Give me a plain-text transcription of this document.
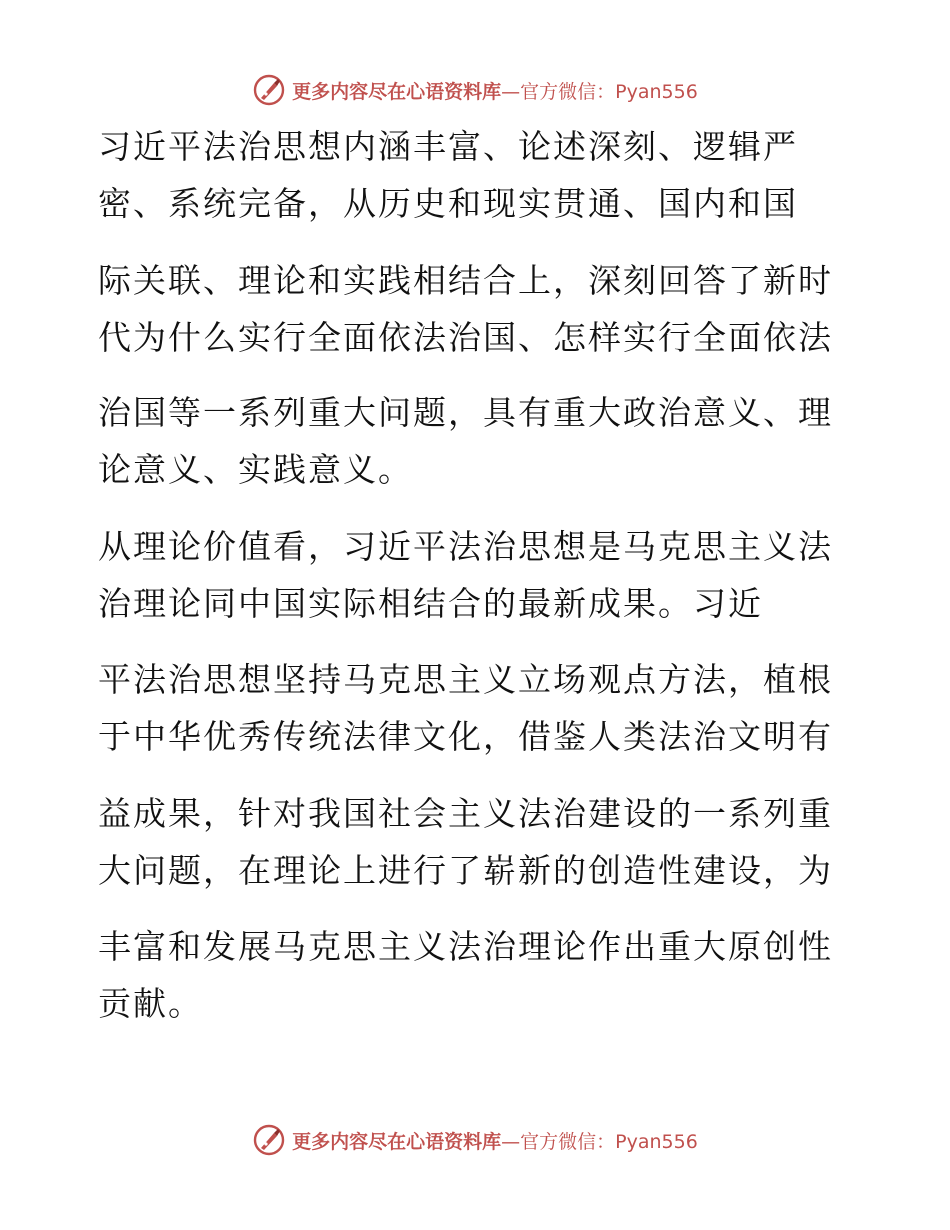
更多内容尽在心语资料库—官方微信：Pyan556
习近平法治思想内涵丰富、论述深刻、逻辑严
密、系统完备，从历史和现实贯通、国内和国
际关联、理论和实践相结合上，深刻回答了新时
代为什么实行全面依法治国、怎样实行全面依法
治国等一系列重大问题，具有重大政治意义、理
论意义、实践意义。
从理论价值看，习近平法治思想是马克思主义法
治理论同中国实际相结合的最新成果。习近
平法治思想坚持马克思主义立场观点方法，植根
于中华优秀传统法律文化，借鉴人类法治文明有
益成果，针对我国社会主义法治建设的一系列重
大问题，在理论上进行了崭新的创造性建设，为
丰富和发展马克思主义法治理论作出重大原创性
贡献。
更多内容尽在心语资料库—官方微信：Pyan556
